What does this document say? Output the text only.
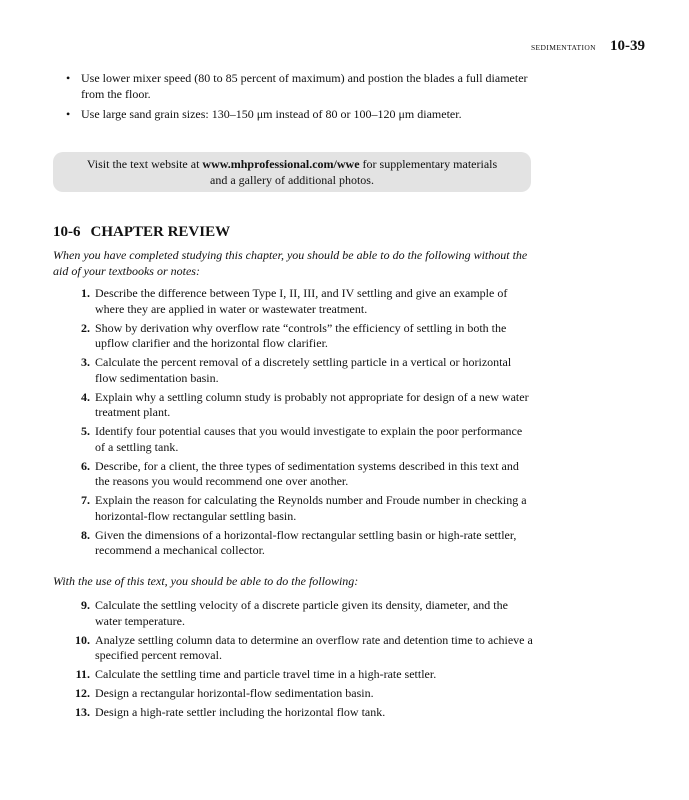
SEDIMENTATION 10-39
• Use lower mixer speed (80 to 85 percent of maximum) and postion the blades a full diameter from the floor.
• Use large sand grain sizes: 130–150 μm instead of 80 or 100–120 μm diameter.
Visit the text website at www.mhprofessional.com/wwe for supplementary materials
and a gallery of additional photos.
10-6 CHAPTER REVIEW
When you have completed studying this chapter, you should be able to do the following without the aid of your textbooks or notes:
1. Describe the difference between Type I, II, III, and IV settling and give an example of where they are applied in water or wastewater treatment.
2. Show by derivation why overflow rate “controls” the efficiency of settling in both the upflow clarifier and the horizontal flow clarifier.
3. Calculate the percent removal of a discretely settling particle in a vertical or horizontal flow sedimentation basin.
4. Explain why a settling column study is probably not appropriate for design of a new water treatment plant.
5. Identify four potential causes that you would investigate to explain the poor performance of a settling tank.
6. Describe, for a client, the three types of sedimentation systems described in this text and the reasons you would recommend one over another.
7. Explain the reason for calculating the Reynolds number and Froude number in checking a horizontal-flow rectangular settling basin.
8. Given the dimensions of a horizontal-flow rectangular settling basin or high-rate settler, recommend a mechanical collector.
With the use of this text, you should be able to do the following:
9. Calculate the settling velocity of a discrete particle given its density, diameter, and the water temperature.
10. Analyze settling column data to determine an overflow rate and detention time to achieve a specified percent removal.
11. Calculate the settling time and particle travel time in a high-rate settler.
12. Design a rectangular horizontal-flow sedimentation basin.
13. Design a high-rate settler including the horizontal flow tank.
